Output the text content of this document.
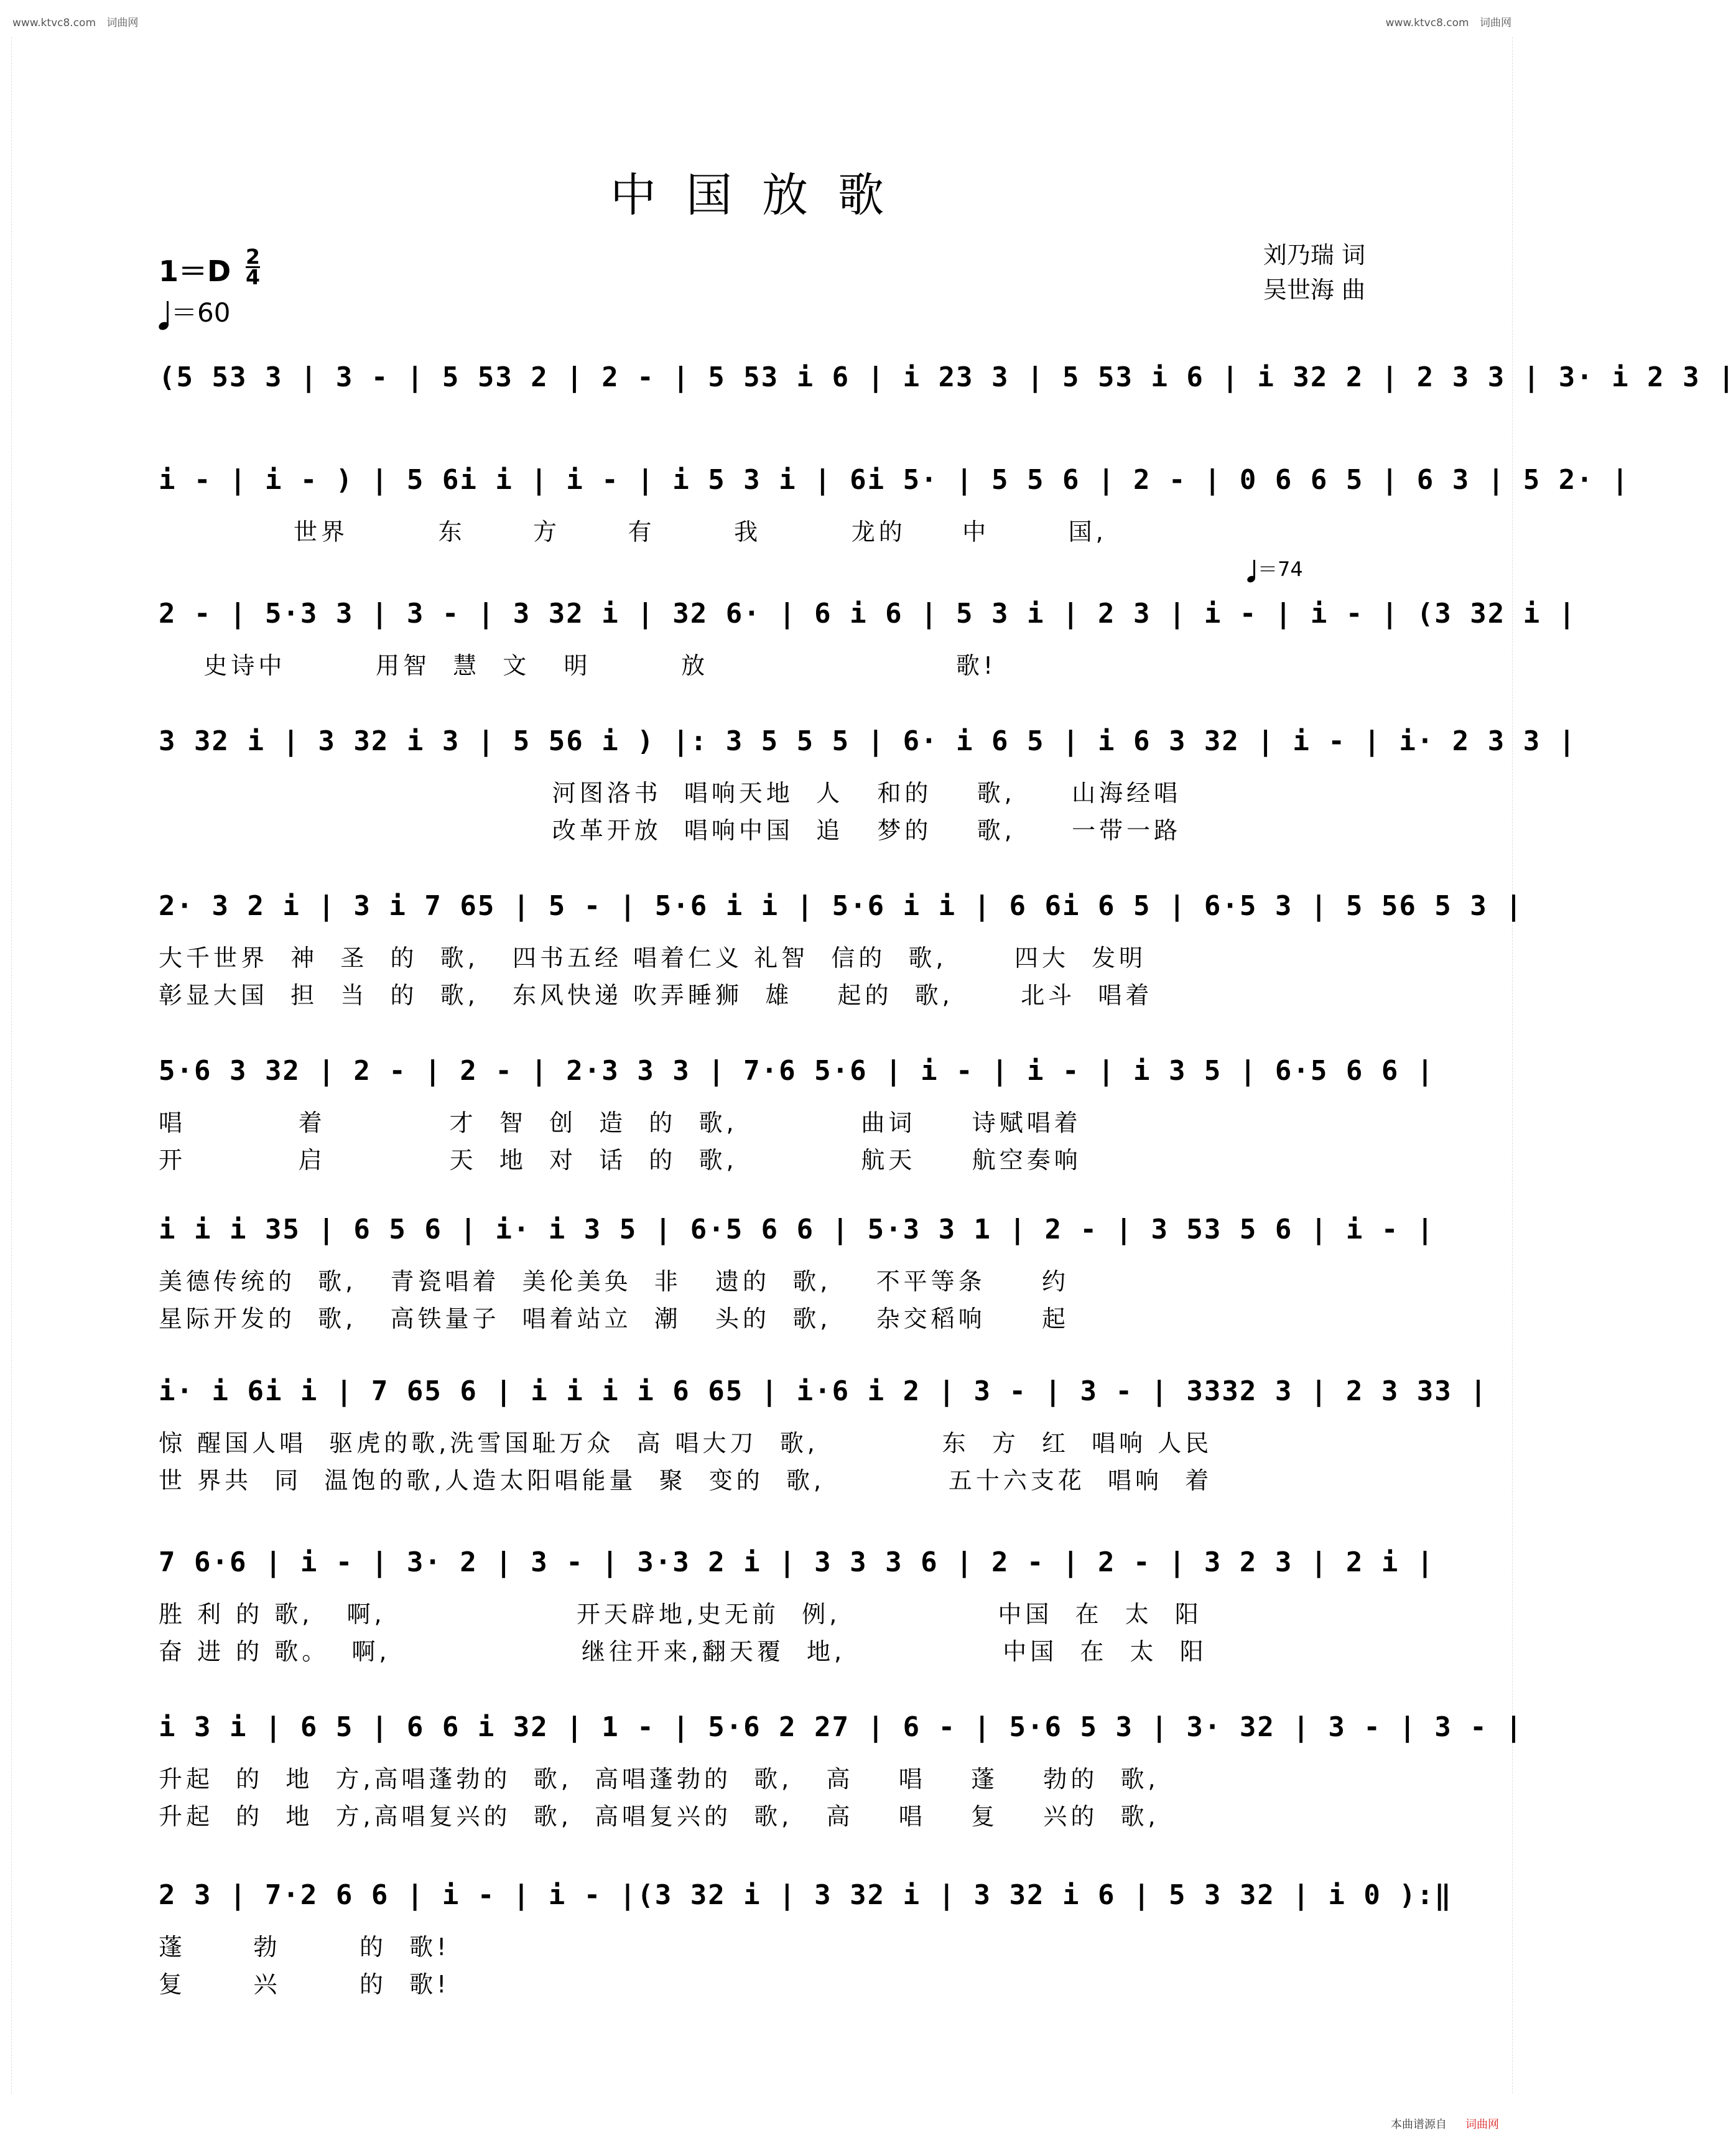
www.ktvc8.com 词曲网	www.ktvc8.com 词曲网
中国放歌
刘乃瑞 词
吴世海 曲
$1=D \frac{2}{4}$
＝60
＝74
(5 53 3 | 3 - | 5 53 2 | 2 - | 5 53 i 6 | i 23 3 | 5 53 i 6 | i 32 2 | 2 3 3 | 3· i 2 3 |
i - | i - ) | 5 6i i | i - | i 5 3 i | 6i 5· | 5 5 6 | 2 - | 0 6 6 5 | 6 3 | 5 2· |
世界        东      方      有       我        龙的     中       国,
2 - | 5·3 3 | 3 - | 3 32 i | 32 6· | 6 i 6 | 5 3 i | 2 3 | i - | i - | (3 32 i |
史诗中        用智  慧  文   明        放                      歌!
3 32 i | 3 32 i 3 | 5 56 i ) |: 3 5 5 5 | 6· i 6 5 | i 6 3 32 | i - | i· 2 3 3 |
河图洛书  唱响天地  人   和的    歌,     山海经唱
改革开放  唱响中国  追   梦的    歌,     一带一路
2· 3 2 i | 3 i 7 65 | 5 - | 5·6 i i | 5·6 i i | 6 6i 6 5 | 6·5 3 | 5 56 5 3 |
大千世界  神  圣  的  歌,   四书五经 唱着仁义 礼智  信的  歌,      四大  发明
彰显大国  担  当  的  歌,   东风快递 吹弄睡狮  雄    起的  歌,      北斗  唱着
5·6 3 32 | 2 - | 2 - | 2·3 3 3 | 7·6 5·6 | i - | i - | i 3 5 | 6·5 6 6 |
唱          着           才  智  创  造  的  歌,           曲词     诗赋唱着
开          启           天  地  对  话  的  歌,           航天     航空奏响
i i i 35 | 6 5 6 | i· i 3 5 | 6·5 6 6 | 5·3 3 1 | 2 - | 3 53 5 6 | i - |
美德传统的  歌,   青瓷唱着  美伦美奂  非   遗的  歌,    不平等条     约
星际开发的  歌,   高铁量子  唱着站立  潮   头的  歌,    杂交稻响     起
i· i 6i i | 7 65 6 | i i i i 6 65 | i·6 i 2 | 3 - | 3 - | 3332 3 | 2 3 33 |
惊 醒国人唱  驱虎的歌,洗雪国耻万众  高 唱大刀  歌,           东  方  红  唱响 人民
世 界共  同  温饱的歌,人造太阳唱能量  聚  变的  歌,           五十六支花  唱响  着
7 6·6 | i - | 3· 2 | 3 - | 3·3 2 i | 3 3 3 6 | 2 - | 2 - | 3 2 3 | 2 i |
胜 利 的 歌,   啊,                 开天辟地,史无前  例,              中国  在  太  阳
奋 进 的 歌。  啊,                 继往开来,翻天覆  地,              中国  在  太  阳
i 3 i | 6 5 | 6 6 i 32 | 1 - | 5·6 2 27 | 6 - | 5·6 5 3 | 3· 32 | 3 - | 3 - |
升起  的  地  方,高唱蓬勃的  歌,  高唱蓬勃的  歌,   高    唱    蓬    勃的  歌,
升起  的  地  方,高唱复兴的  歌,  高唱复兴的  歌,   高    唱    复    兴的  歌,
2 3 | 7·2 6 6 | i - | i - |(3 32 i | 3 32 i | 3 32 i 6 | 5 3 32 | i 0 ):‖
蓬      勃       的  歌!
复      兴       的  歌!
本曲谱源自 词曲网
